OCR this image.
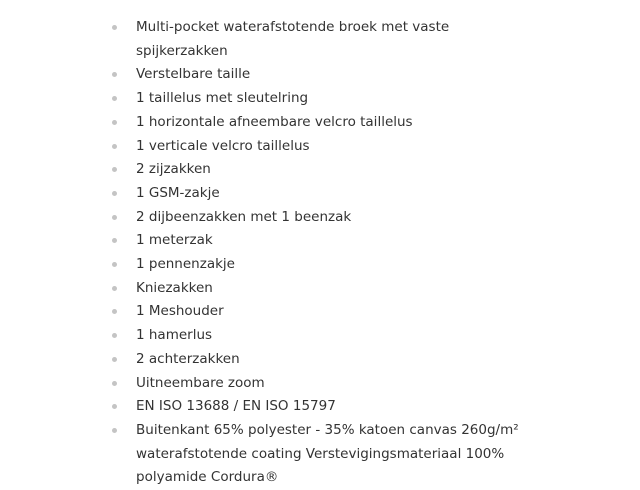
Multi-pocket waterafstotende broek met vaste spijkerzakken
Verstelbare taille
1 taillelus met sleutelring
1 horizontale afneembare velcro taillelus
1 verticale velcro taillelus
2 zijzakken
1 GSM-zakje
2 dijbeenzakken met 1 beenzak
1 meterzak
1 pennenzakje
Kniezakken
1 Meshouder
1 hamerlus
2 achterzakken
Uitneembare zoom
EN ISO 13688 / EN ISO 15797
Buitenkant 65% polyester - 35% katoen canvas 260g/m² waterafstotende coating Verstevigingsmateriaal 100% polyamide Cordura®
